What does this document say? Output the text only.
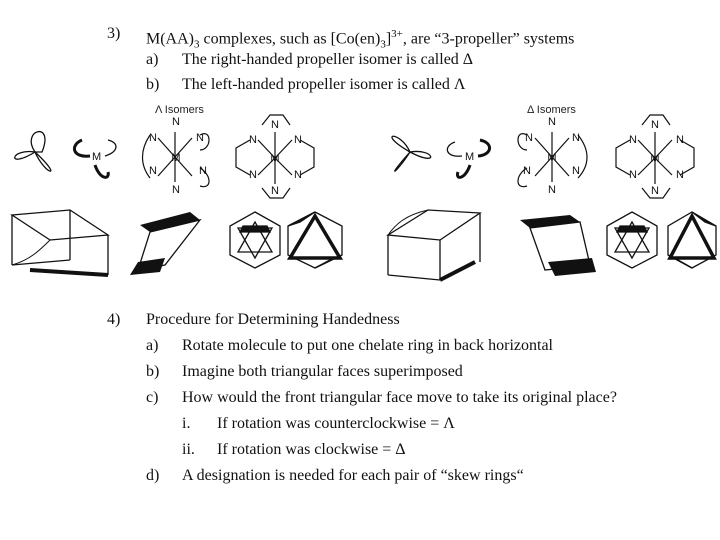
3) $M(AA)_3$ complexes, such as $[Co(en)_3]^{3+}$, are “3-propeller” systems
a) The right-handed propeller isomer is called Δ
b) The left-handed propeller isomer is called Λ
Λ Isomers	Δ Isomers
M
N
N	N
M
N	N
N
N
N	N
M
N	N
N
M
N
N	N
M
N	N
N
N
N	N
M
N	N
N
4) Procedure for Determining Handedness
a) Rotate molecule to put one chelate ring in back horizontal
b) Imagine both triangular faces superimposed
c) How would the front triangular face move to take its original place?
i. If rotation was counterclockwise = Λ
ii. If rotation was clockwise = Δ
d) A designation is needed for each pair of “skew rings“
